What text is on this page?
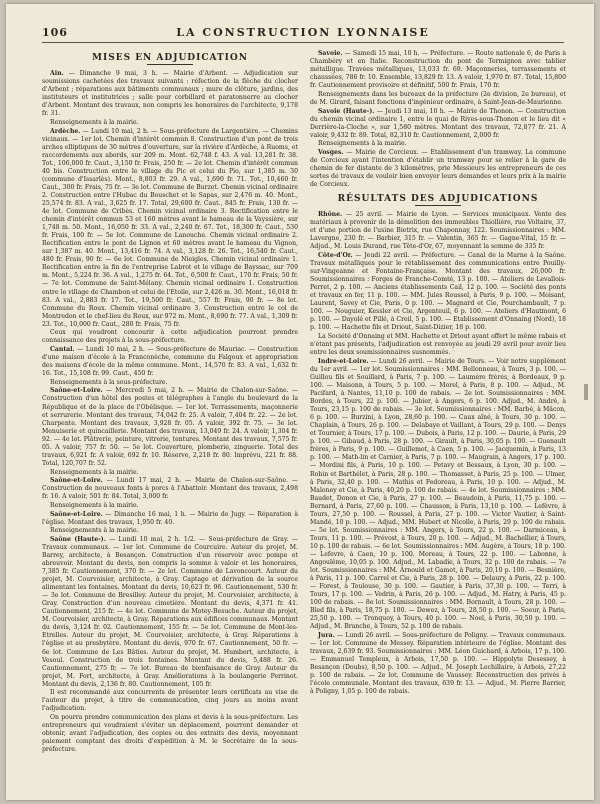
106	LA CONSTRUCTION LYONNAISE
MISES EN ADJUDICATION

Ain. — Dimanche 9 mai, 3 h. — Mairie d'Arbent. — Adjudication sur soumissions cachetées des travaux suivants : réfection de la flèche du clocher d'Arbent ; réparations aux bâtiments communaux ; mure de clôture, jardins, des instituteurs et institutrices ; salle pour corbillard et paratonnerre au clocher d'Arbent. Montant des travaux, non compris les honoraires de l'architecte, 9,178 fr. 31.

Renseignements à la mairie.

Ardèche. — Lundi 10 mai, 2 h. — Sous-préfecture de Largentière. — Chemins vicinaux. — 1er lot. Chemin d'intérêt commun 8. Construction d'un pont de trois arches elliptiques de 30 mètres d'ouverture, sur la rivière d'Ardèche, à Ruoms, et raccordements aux abords, sur 209 m. Mont. 62,748 f. 43. A val. 13,281 fr. 38. Tot., 106,000 fr. Caut., 3,150 fr. Frais, 250 fr. — 2e lot. Chemin d'intérêt commun 40 bis. Construction entre le village du Pic et celui du Pio, sur 1,385 m. 30 (commune d'Issarlès). Mont., 8,803 fr. 29. A val., 1,690 fr. 71. Tot., 10,460 fr. Caut., 300 fr. Frais, 75 fr. — 3e lot. Commune de Burzet. Chemin vicinal ordinaire 2. Construction entre l'Hubac du Bouschet et le Sapas, sur 2,476 m. 40. Mont., 25,574 fr. 83. A val., 3,625 fr. 17. Total, 29,600 fr. Caut., 845 fr. Frais, 130 fr. — 4e lot. Commune de Cribès. Chemin vicinal ordinaire 3. Rectification entre le chemin d'intérêt commun 53 et 160 mètres avant le hameau de la Vayssière, sur 1,748 m. 50. Mont., 16,050 fr. 33. A val., 2,240 fr. 67. Tot., 18,300 fr. Caut., 530 fr. Frais, 100 fr. — 5e lot. Commune de Lanouche. Chemin vicinal ordinaire 2. Rectification entre le pont de Lignon et 60 mètres avant le hameau du Vignon, sur 1,387 m. 40. Mont., 13,416 fr. 74. A val., 3,128 fr. 26. Tot., 16,540 fr. Caut., 480 fr. Frais, 90 fr. — 6e lot. Commune de Nieigles. Chemin vicinal ordinaire 1. Rectification entre la fin de l'entreprise Labrot et le village de Bayssac, sur 709 m. Mont., 5,224 fr. 36. A val., 1,275 fr. 64. Tot., 6,500 fr. Caut., 170 fr. Frais, 50 fr. — 7e lot. Commune de Saint-Mélany. Chemin vicinal ordinaire 1. Construction entre le village de Chambon et celui de l'Etoile, sur 2,426 m. 30. Mont., 16,018 fr. 83. A val., 2,883 fr. 17. Tot., 19,500 fr. Caut., 557 fr. Frais, 90 fr. — 8e lot. Commune du Roux. Chemin vicinal ordinaire 3. Construction entre le col de Montredon et le chef-lieu du Roux, sur 972 m. Mont., 8,690 fr. 77. A val., 1,309 fr. 23. Tot., 10,000 fr. Caut., 280 fr. Frais, 75 fr.

Ceux qui voudront concourir à cette adjudication pourront prendre connaissance des projets à la sous-préfecture.

Cantal. — Lundi 10 mai, 2 h. — Sous-préfecture de Mauriac. — Construction d'une maison d'école à la Franconèche, commune du Falgoux et appropriation des maisons d'école de la même commune. Mont., 14,570 fr. 83. A val., 1,632 fr. 16. Tot., 15,108 fr. 99. Caut., 450 fr.

Renseignements à la sous-préfecture.

Saône-et-Loire. — Mercredi 5 mai, 2 h. — Mairie de Chalon-sur-Saône. — Construction d'un hôtel des postes et télégraphes à l'angle du boulevard de la République et de la place de l'Obélisque. — 1er lot. Terrassements, maçonnerie et serrurerie. Montant des travaux, 74,042 fr. 25. A valoir, 7,404 fr. 22. — 2e lot. Charpente. Montant des travaux, 3,928 fr. 05. A valoir, 392 fr. 75. — 3e lot. Menuiserie et quincaillerie. Montant des travaux, 13,049 fr. 24. A valoir, 1,304 fr. 92. — 4e lot. Plâtrerie, peinture, vitrerie, tentures. Montant des travaux, 7,575 fr. 05. A valoir, 757 fr. 50. — 5e lot. Couverture, plomberie, zinguerie. Total des travaux, 6,921 fr. A valoir, 692 fr. 10. Réserve, 2,218 fr. 80. Imprévu, 221 fr. 88. Total, 120,707 fr. 52.

Renseignements à la mairie.

Saône-et-Loire. — Lundi 17 mai, 2 h. — Mairie de Chalon-sur-Saône. — Construction de nouveaux fonts à porcs à l'Abattoir. Montant des travaux, 2,498 fr. 16. A valoir, 501 fr. 84. Total, 3,000 fr.

Renseignements à la mairie.

Saône-et-Loire. — Dimanche 16 mai, 1 h. — Mairie de Jugy. — Réparation à l'église. Montant des travaux, 1,950 fr. 40.

Renseignements à la mairie.

Saône (Haute-). — Lundi 10 mai, 2 h. 1/2. — Sous-préfecture de Gray. — Travaux communaux. — 1er lot. Commune de Courcuire. Auteur du projet, M. Barrey, architecte, à Besançon. Construction d'un réservoir avec pompe et abreuvoir. Montant du devis, non compris la somme à valoir et les honoraires, 7,385 fr. Cautionnement, 370 fr. — 2e lot. Commune de Lavoncourt. Auteur du projet, M. Courvoisier, architecte, à Gray. Captage et dérivation de la source alimentant les fontaines. Montant du devis, 10,623 fr. 96. Cautionnement, 530 fr. — 3e lot. Commune de Bresilley. Auteur du projet, M. Courvoisier, architecte, à Gray. Construction d'un nouveau cimetière. Montant du devis, 4,371 fr. 41. Cautionnement, 215 fr. — 4e lot. Commune de Motey-Besuche. Auteur du projet, M. Courvoisier, architecte, à Gray. Réparations aux édifices communaux. Montant du devis, 3,124 fr. 02. Cautionnement, 155 fr. — 5e lot. Commune de Mont-les-Etrelles. Auteur du projet, M. Courvoisier, architecte, à Gray. Réparations à l'église et au presbytère. Montant du devis, 970 fr. 67. Cautionnement, 50 fr. — 6e lot. Commune de Les Bâties. Auteur du projet, M. Humbert, architecte, à Vesoul. Construction de trois fontaines. Montant du devis, 5,488 fr. 26. Cautionnement, 275 fr. — 7e lot. Bureau de bienfaisance de Gray. Auteur du projet, M. Fort, architecte, à Gray. Améliorations à la boulangerie Perrinot. Montant du devis, 2,136 fr. 80. Cautionnement, 105 fr.

Il est recommandé aux concurrents de présenter leurs certificats au vise de l'auteur du projet, à titre de communication, cinq jours au moins avant l'adjudication.

On pourra prendre communication des plans et devis à la sous-préfecture. Les entrepreneurs qui voudraient s'éviter un déplacement, pourront demander et obtenir, avant l'adjudication, des copies ou des extraits des devis, moyennant paiement comptant des droits d'expédition à M. le Secrétaire de la sous-préfecture.

Savoie. — Samedi 15 mai, 10 h. — Préfecture. — Route nationale 6, de Paris à Chambéry et en Italie. Reconstruction du pont de Termignon avec tablier métallique. Travées métalliques, 13,033 fr. 69. Maçonneries, terrassements et chaussées, 786 fr. 10. Ensemble, 13,829 fr. 13. A valoir, 1,970 fr. 87. Total, 15,800 fr. Cautionnement provisoire et définitif, 500 fr. Frais, 170 fr.

Renseignements dans les bureaux de la préfecture (2e division, 2e bureau), et de M. Girard, faisant fonctions d'ingénieur ordinaire, à Saint-Jean-de-Maurienne.

Savoie (Haute-). — Jeudi 13 mai, 10 h. — Mairie de Thonon. — Construction du chemin vicinal ordinaire 1, entre le quai de Rives-sous-Thonon et le lieu dit « Derrière-la-Cloche », sur 1,580 mètres. Montant des travaux, 72,877 fr. 21. A valoir, 9,432 fr. 89. Total, 82,310 fr. Cautionnement, 2,000 fr.

Renseignements à la mairie.

Vosges. — Mairie de Corcieux. — Etablissement d'un tramway. La commune de Corcieux ayant l'intention d'établir un tramway pour se relier à la gare de chemin de fer distante de 3 kilomètres, prie Messieurs les entrepreneurs de ces sortes de travaux de vouloir bien envoyer leurs demandes et leurs prix à la mairie de Corcieux.

RÉSULTATS DES ADJUDICATIONS

Rhône. — 25 avril. — Mairie de Lyon. — Services municipaux. Vente des matériaux à provenir de la démolition des immeubles Thiollière, rue Voltaire, 37, et d'une portion de l'usine Bietrix, rue Chaponnay, 122. Soumissionnaires : MM. Lavergne, 230 fr. — Barbier, 315 fr. — Valentin, 365 fr. — Gagne-Vital, 15 fr. — Adjud., M. Louis Durand, rue Tête-d'Or, 67, moyennant la somme de 335 fr.

Côte-d'Or. — Jeudi 22 avril. — Préfecture. — Canal de la Marne à la Saône. Travaux métalliques pour le rétablissement des communications entre Pouilly-sur-Vingeanne et Fontaine-Française. Montant des travaux, 26,000 fr. Soumissionnaires : Forges de Franche-Comté, 13 p. 100. — Ateliers de Levallois-Perret, 2 p. 100. — Anciens établissements Cail, 12 p. 100. — Société des ponts et travaux en fer, 11 p. 100. — MM. Jules Roussel, à Paris, 9 p. 100. — Moisant, Laurent, Savey et Cie, Paris, 0 p. 100. — Magnard et Cie, Pourchambault, 7 p. 100. — Nouguier, Kessler et Cie, Argenteuil, 6 p. 100. — Ateliers d'Hautmont, 6 p. 100. — Dayolé et Pillé, à Creil, 5 p. 100. — Etablissement d'Onnaing (Nord), 18 p. 100. — Hachette fils et Driout, Saint-Dizier, 18 p. 100.

La Société d'Onnaing et MM. Hachette et Driout ayant offert le même rabais et n'étant pas présents, l'adjudication est renvoyée au jeudi 29 avril pour avoir lieu entre les deux soumissionnaires susnommés.

Indre-et-Loire. — Lundi 26 avril. — Mairie de Tours. — Voir notre supplément du 1er avril. — 1er lot. Soumissionnaires : MM. Bellonneau, à Tours, 3 p. 100. — Guillou fils et Souillard, à Paris, 7 p. 100. — Laumère frères, à Bordeaux, 9 p. 100. — Maisonn, à Tours, 5 p. 100. — Morel, à Paris, 8 p. 100. — Adjud., M. Pacifard, à Nantes, 11,10 p. 100 de rabais. — 2e lot. Soumissionnaires : MM. Bordes, à Tours, 22 p. 100. — Jubier, à Angers, 6 p. 100. Adjud., M. André, à Tours, 23,15 p. 100 de rabais. — 3e lot. Soumissionnaires : MM. Barbé, à Mâcon, 6 p. 100. — Burzini, à Lyon, 28,60 p. 100. — Caux aîné, à Tours, 30 p. 100. — Chaplain, à Tours, 26 p. 100. — Delabaye et Vaillant, à Tours, 29 p. 100. — Denys et Tournier, à Tours, 17 p. 100. — Dubois, à Paris, 12 p. 100. — Daurie, à Paris, 29 p. 100. — Gibaud, à Paris, 28 p. 100. — Girault, à Paris, 30,05 p. 100. — Guenault frères, à Paris, 9 p. 100. — Guillemot, à Caen, 5 p. 100. — Jacquemin, à Paris, 13 p. 100. — Math-lin et Carnier, à Paris, 7 p. 100. — Maugrain, à Angers, 17 p. 100. — Mordini fils, à Paris, 10 p. 100. — Petavy et Bessaux, à Lyon, 30 p. 100. — Robin et Barthélet, à Paris, 28 p. 100. — Thomasset, à Paris, 25 p. 100. — Ulmer, à Paris, 32,40 p. 100. — Mathis et Fedoreau, à Paris, 10 p. 100. — Adjud., M. Maloney et Cie, à Paris, 40,20 p. 100 de rabais. — 4e lot. Soumissionnaires : MM. Baudet, Donon et Cie, à Paris, 27 p. 100. — Beaudoin, à Paris, 11,75 p. 100. — Bernard, à Paris, 27,60 p. 100. — Chausson, à Paris, 13,10 p. 100. — Lefèvre, à Tours, 27,50 p. 100. — Roussel, à Paris, 27 p. 100. — Victor Vautier, à Saint-Mandé, 10 p. 100. — Adjud., MM. Hubert et Nicolle, à Paris, 29 p. 100 de rabais. — 5e lot. Soumissionnaires : MM. Angers, à Tours, 22 p. 100. — Darmiceau, à Tours, 11 p. 100. — Prévost, à Tours, 20 p. 100. — Adjud., M. Bachellier, à Tours, 10 p. 100 de rabais. — 6e lot. Soumissionnaires : MM. Augère, à Tours, 18 p. 100. — Lefevre, à Caen, 10 p. 100. Moreau, à Tours, 22 p. 100. — Labonne, à Angoulême, 10,05 p. 100. Adjud., M. Labadie, à Tours, 32 p. 100 de rabais. — 7e lot. Soumissionnaires : MM. Arnould et Gamot, à Paris, 20,10 p. 100. — Besnière, à Paris, 11 p. 100. Carrel et Cie, à Paris, 28 p. 100. — Delaury, à Paris, 22 p. 100. — Forest, à Toulouse, 30 p. 100. — Gautier, à Paris, 37,30 p. 100. — Terri, à Tours, 17 p. 100. — Vedrin, à Paris, 26 p. 100. — Adjud., M. Hatry, à Paris, 45 p. 100 de rabais. — 8e lot. Soumissionnaires : MM. Bornault, à Tours, 28 p. 100. — Bled fils, à Paris, 18,75 p. 100. — Dewez, à Tours, 28,50 p. 100. — Soeur, à Paris, 25,50 p. 100. — Tronquoy, à Tours, 40 p. 100. — Noel, à Paris, 30,50 p. 100. — Adjud., M. Branche, à Tours, 52 p. 100 de rabais.

Jura. — Lundi 26 avril. — Sous-préfecture de Poligny. — Travaux communaux. — 1er lot. Commune de Messey. Réparation intérieure de l'église. Montant des travaux, 2,639 fr. 93. Soumissionnaires : MM. Léon Guichard, à Arbois, 17 p. 100. — Emmanuel Templeux, à Arbois, 17,50 p. 100. — Hippolyte Desessey, à Besançon (Doubs), 8,50 p. 100. — Adjud., M. Joseph Lechillaire, à Arbois, 27,22 p. 100 de rabais. — 2e lot. Commune de Vaussey. Reconstruction des privés à l'école communale. Montant des travaux, 639 fr. 13. — Adjud., M. Pierre Barrier, à Poligny, 1,05 p. 100 de rabais.
